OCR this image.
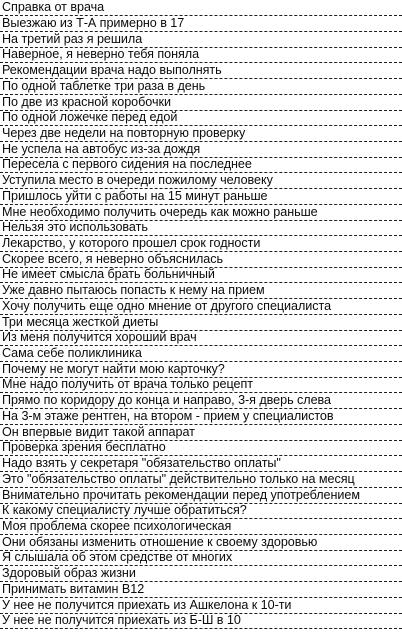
Справка от врача
Выезжаю из Т-А примерно в 17
На третий раз я решила
Наверное, я неверно тебя поняла
Рекомендации врача надо выполнять
По одной таблетке три раза в день
По две из красной коробочки
По одной ложечке перед едой
Через две недели на повторную проверку
Не успела на автобус из-за дождя
Пересела с первого сидения на последнее
Уступила место в очереди пожилому человеку
Пришлось уйти с работы на 15 минут раньше
Мне необходимо получить очередь как можно раньше
Нельзя это использовать
Лекарство, у которого прошел срок годности
Скорее всего, я неверно объяснилась
Не имеет смысла брать больничный
Уже давно пытаюсь попасть к нему на прием
Хочу получить еще одно мнение от другого специалиста
Три месяца жесткой диеты
Из меня получится хороший врач
Сама себе поликлиника
Почему не могут найти мою карточку?
Мне надо получить от врача только рецепт
Прямо по коридору до конца и направо, 3-я дверь слева
На 3-м этаже рентген, на втором - прием у специалистов
Он впервые видит такой аппарат
Проверка зрения бесплатно
Надо взять у секретаря "обязательство оплаты"
Это "обязательство оплаты" действительно только на месяц
Внимательно прочитать рекомендации перед употреблением
К какому специалисту лучше обратиться?
Моя проблема скорее психологическая
Они обязаны изменить отношение к своему здоровью
Я слышала об этом средстве от многих
Здоровый образ жизни
Принимать витамин В12
У нее не получится приехать из Ашкелона к 10-ти
У нее не получится приехать из Б-Ш в 10
